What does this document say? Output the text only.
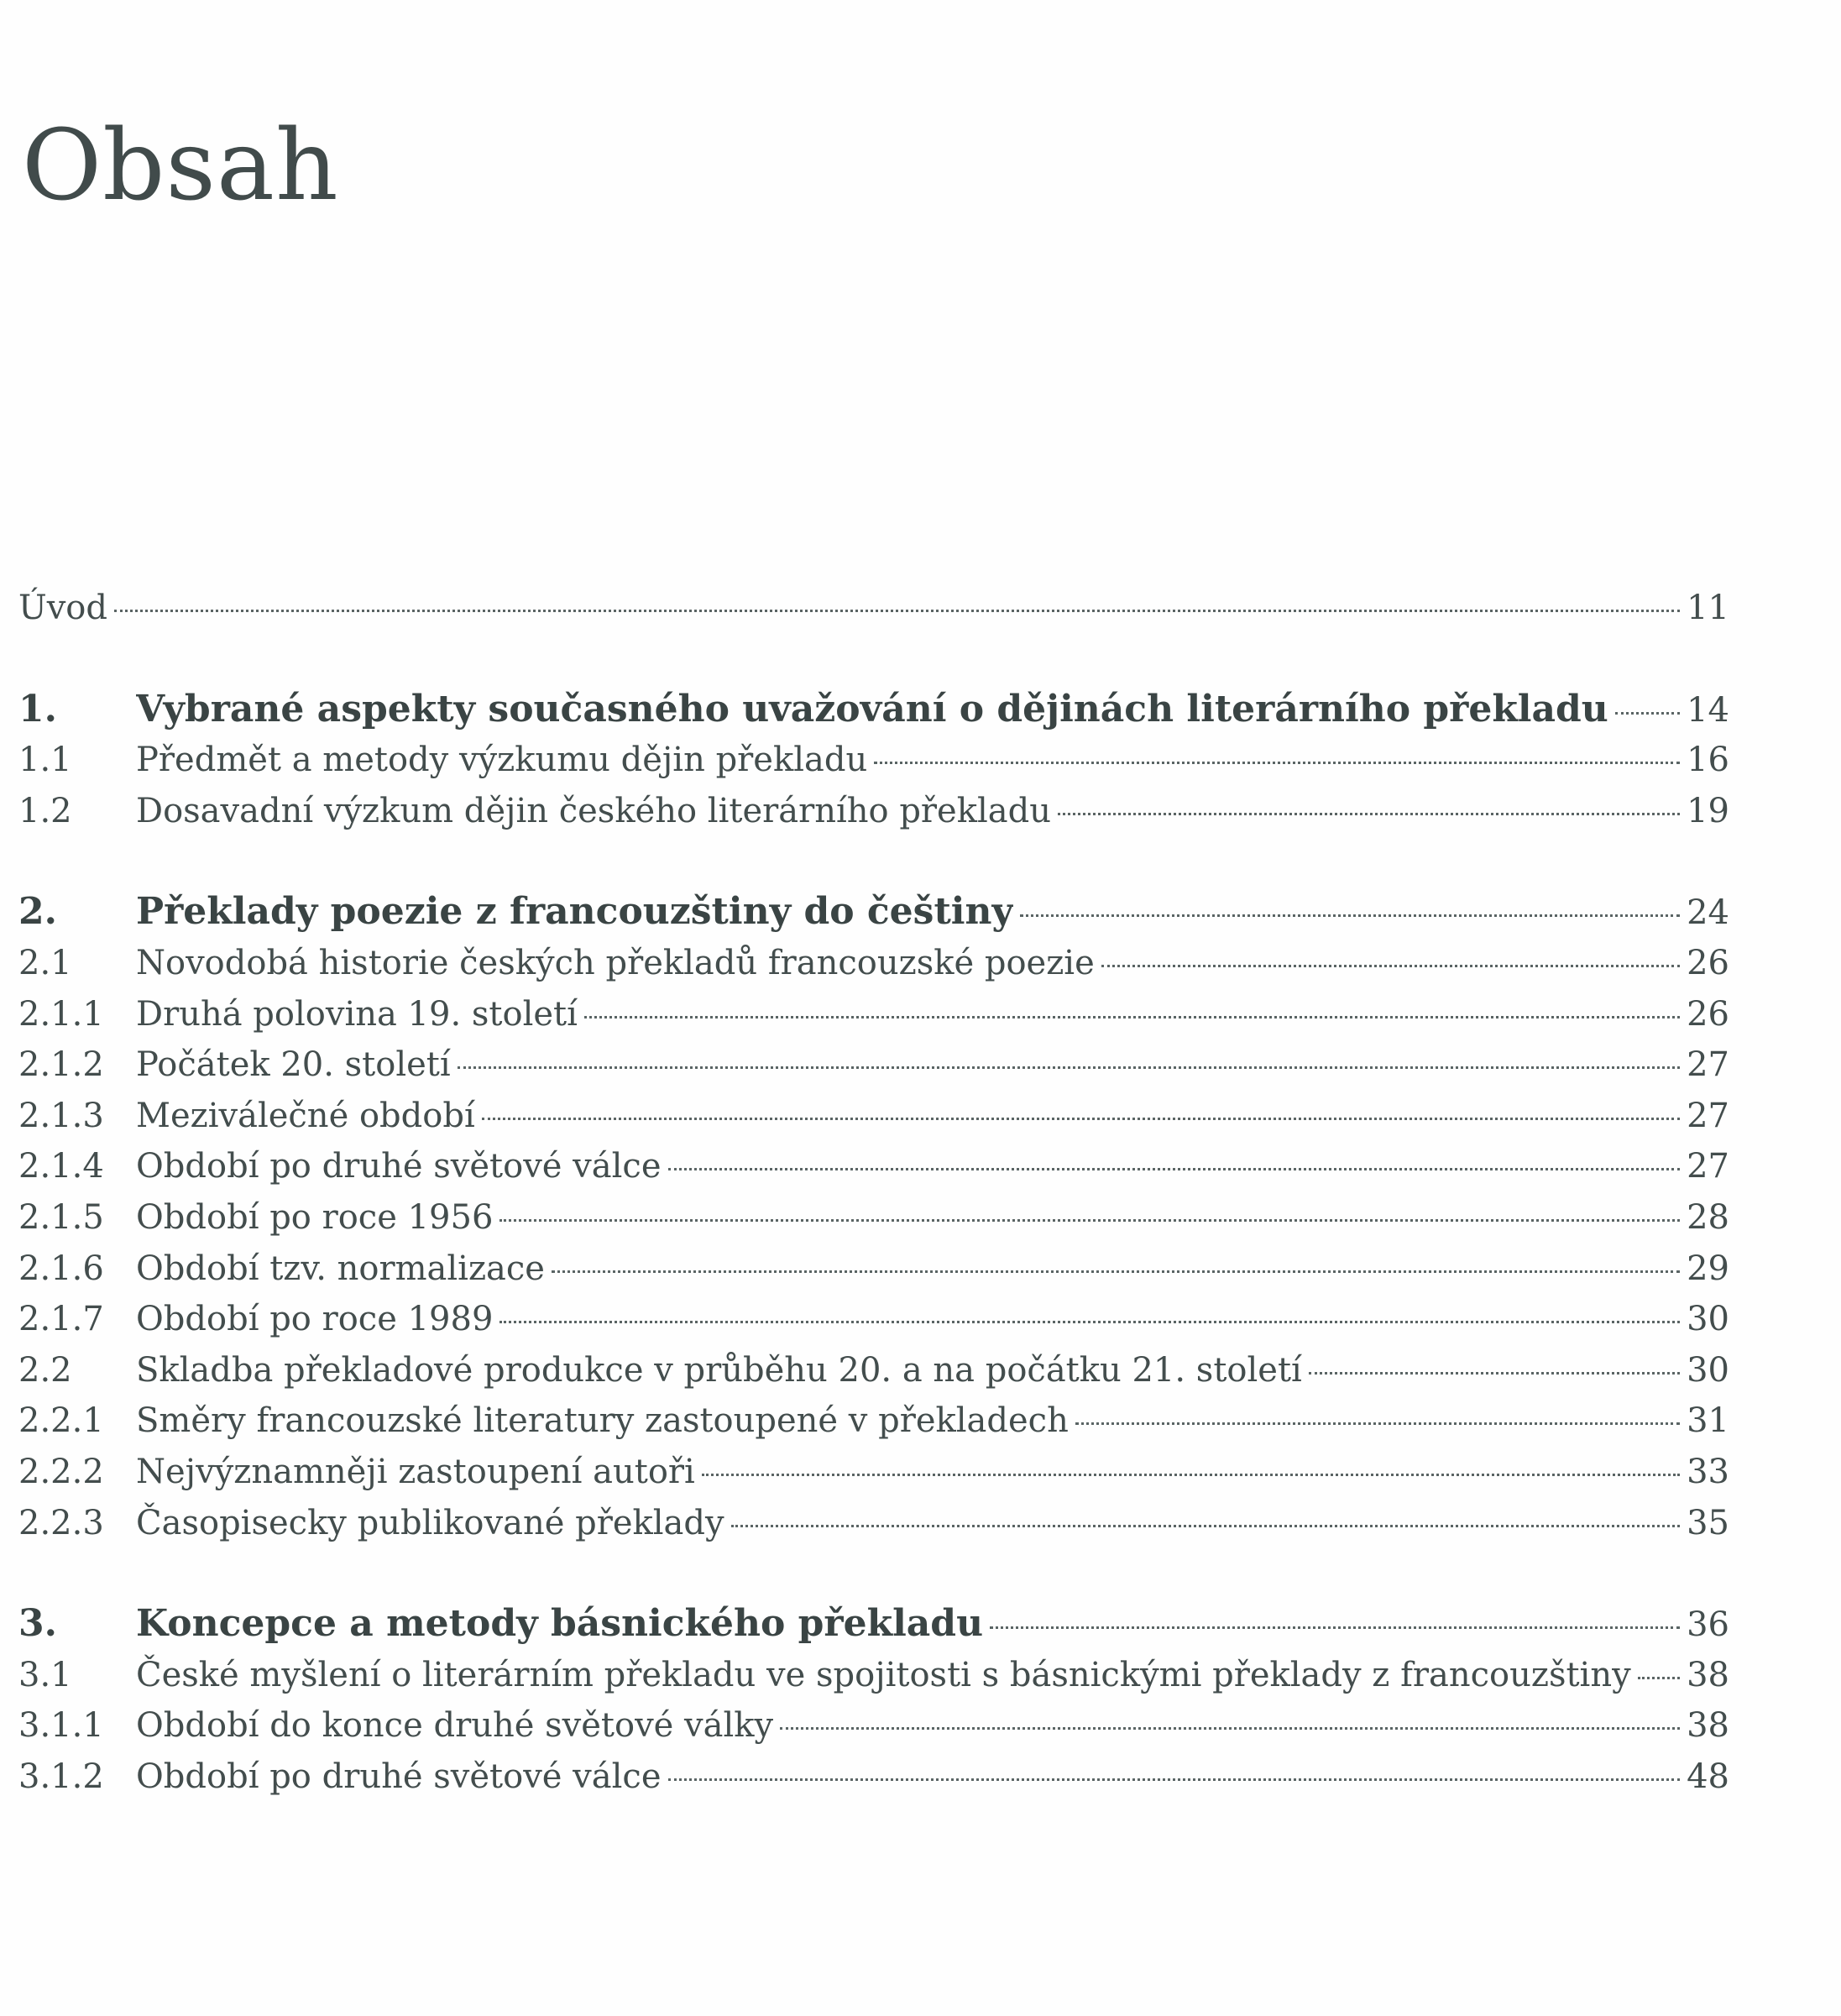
Obsah
Úvod	11
1.	Vybrané aspekty současného uvažování o dějinách literárního překladu 14
1.1	Předmět a metody výzkumu dějin překladu	16
1.2	Dosavadní výzkum dějin českého literárního překladu	19
2.	Překlady poezie z francouzštiny do češtiny	24
2.1	Novodobá historie českých překladů francouzské poezie	26
2.1.1 Druhá polovina 19. století	26
2.1.2 Počátek 20. století	27
2.1.3 Meziválečné období	27
2.1.4 Období po druhé světové válce	27
2.1.5 Období po roce 1956	28
2.1.6 Období tzv. normalizace	29
2.1.7 Období po roce 1989	30
2.2	Skladba překladové produkce v průběhu 20. a na počátku 21. století	30
2.2.1 Směry francouzské literatury zastoupené v překladech	31
2.2.2 Nejvýznamněji zastoupení autoři	33
2.2.3 Časopisecky publikované překlady	35
3.	Koncepce a metody básnického překladu	36
3.1	České myšlení o literárním překladu ve spojitosti s básnickými překlady z francouzštiny 38
3.1.1 Období do konce druhé světové války	38
3.1.2 Období po druhé světové válce	48
